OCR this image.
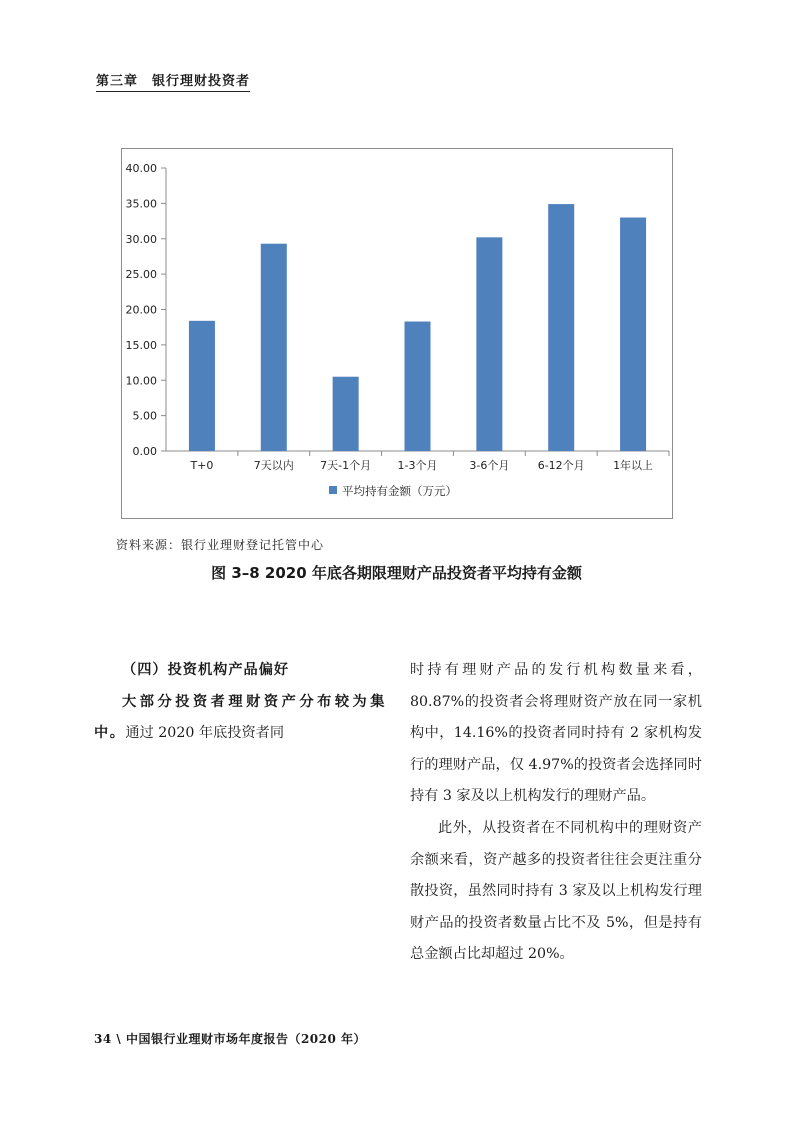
第三章 银行理财投资者
0.00
5.00
10.00
15.00
20.00
25.00
30.00
35.00
40.00
T+0	7天以内 7天-1个月 1-3个月	3-6个月	6-12个月	1年以上
平均持有金额（万元）
资料来源：银行业理财登记托管中心
图 3–8 2020 年底各期限理财产品投资者平均持有金额

（四）投资机构产品偏好

大部分投资者理财资产分布较为集中。通过 2020 年底投资者同

时持有理财产品的发行机构数量来看，80.87%的投资者会将理财资产放在同一家机构中，14.16%的投资者同时持有 2 家机构发行的理财产品，仅 4.97%的投资者会选择同时持有 3 家及以上机构发行的理财产品。

此外，从投资者在不同机构中的理财资产余额来看，资产越多的投资者往往会更注重分散投资，虽然同时持有 3 家及以上机构发行理财产品的投资者数量占比不及 5%，但是持有总金额占比却超过 20%。

34 \ 中国银行业理财市场年度报告（2020 年）
